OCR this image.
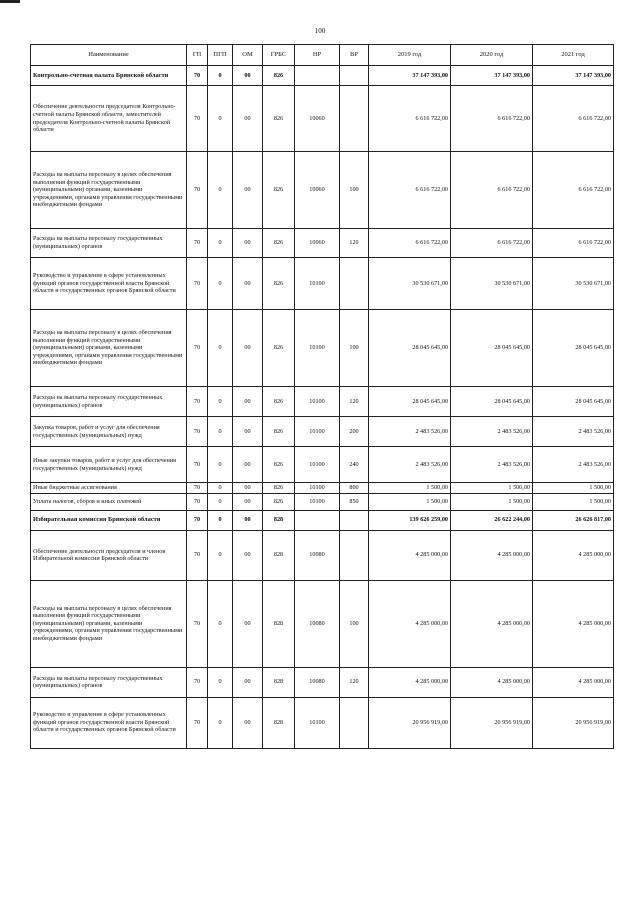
100
Наименование	ГП	ПГП	ОМ	ГРБС	НР	ВР	2019 год	2020 год	2021 год
Контрольно-счетная палата Брянской области	70	0	00	826			37 147 393,00	37 147 393,00	37 147 393,00
Обеспечение деятельности председателя Контрольно-счетной палаты Брянской области, заместителей председателя Контрольно-счетной палаты Брянской области	70	0	00	826	10060		6 616 722,00	6 616 722,00	6 616 722,00
Расходы на выплаты персоналу в целях обеспечения выполнения функций государственными (муниципальными) органами, казенными учреждениями, органами управления государственными внебюджетными фондами	70	0	00	826	10060	100	6 616 722,00	6 616 722,00	6 616 722,00
Расходы на выплаты персоналу государственных (муниципальных) органов	70	0	00	826	10060	120	6 616 722,00	6 616 722,00	6 616 722,00
Руководство и управление в сфере установленных функций органов государственной власти Брянской области и государственных органов Брянской области	70	0	00	826	10100		30 530 671,00	30 530 671,00	30 530 671,00
Расходы на выплаты персоналу в целях обеспечения выполнения функций государственными (муниципальными) органами, казенными учреждениями, органами управления государственными внебюджетными фондами	70	0	00	826	10100	100	28 045 645,00	28 045 645,00	28 045 645,00
Расходы на выплаты персоналу государственных (муниципальных) органов	70	0	00	826	10100	120	28 045 645,00	28 045 645,00	28 045 645,00
Закупка товаров, работ и услуг для обеспечения государственных (муниципальных) нужд	70	0	00	826	10100	200	2 483 526,00	2 483 526,00	2 483 526,00
Иные закупки товаров, работ и услуг для обеспечения государственных (муниципальных) нужд	70	0	00	826	10100	240	2 483 526,00	2 483 526,00	2 483 526,00
Иные бюджетные ассигнования	70	0	00	826	10100	800	1 500,00	1 500,00	1 500,00
Уплата налогов, сборов и иных платежей	70	0	00	826	10100	850	1 500,00	1 500,00	1 500,00
Избирательная комиссия Брянской области	70	0	00	828			139 626 259,00	26 622 244,00	26 626 817,00
Обеспечение деятельности председателя и членов Избирательной комиссии Брянской области	70	0	00	828	10080		4 285 000,00	4 285 000,00	4 285 000,00
Расходы на выплаты персоналу в целях обеспечения выполнения функций государственными (муниципальными) органами, казенными учреждениями, органами управления государственными внебюджетными фондами	70	0	00	828	10080	100	4 285 000,00	4 285 000,00	4 285 000,00
Расходы на выплаты персоналу государственных (муниципальных) органов	70	0	00	828	10080	120	4 285 000,00	4 285 000,00	4 285 000,00
Руководство и управление в сфере установленных функций органов государственной власти Брянской области и государственных органов Брянской области	70	0	00	828	10100		20 956 919,00	20 956 919,00	20 956 919,00
